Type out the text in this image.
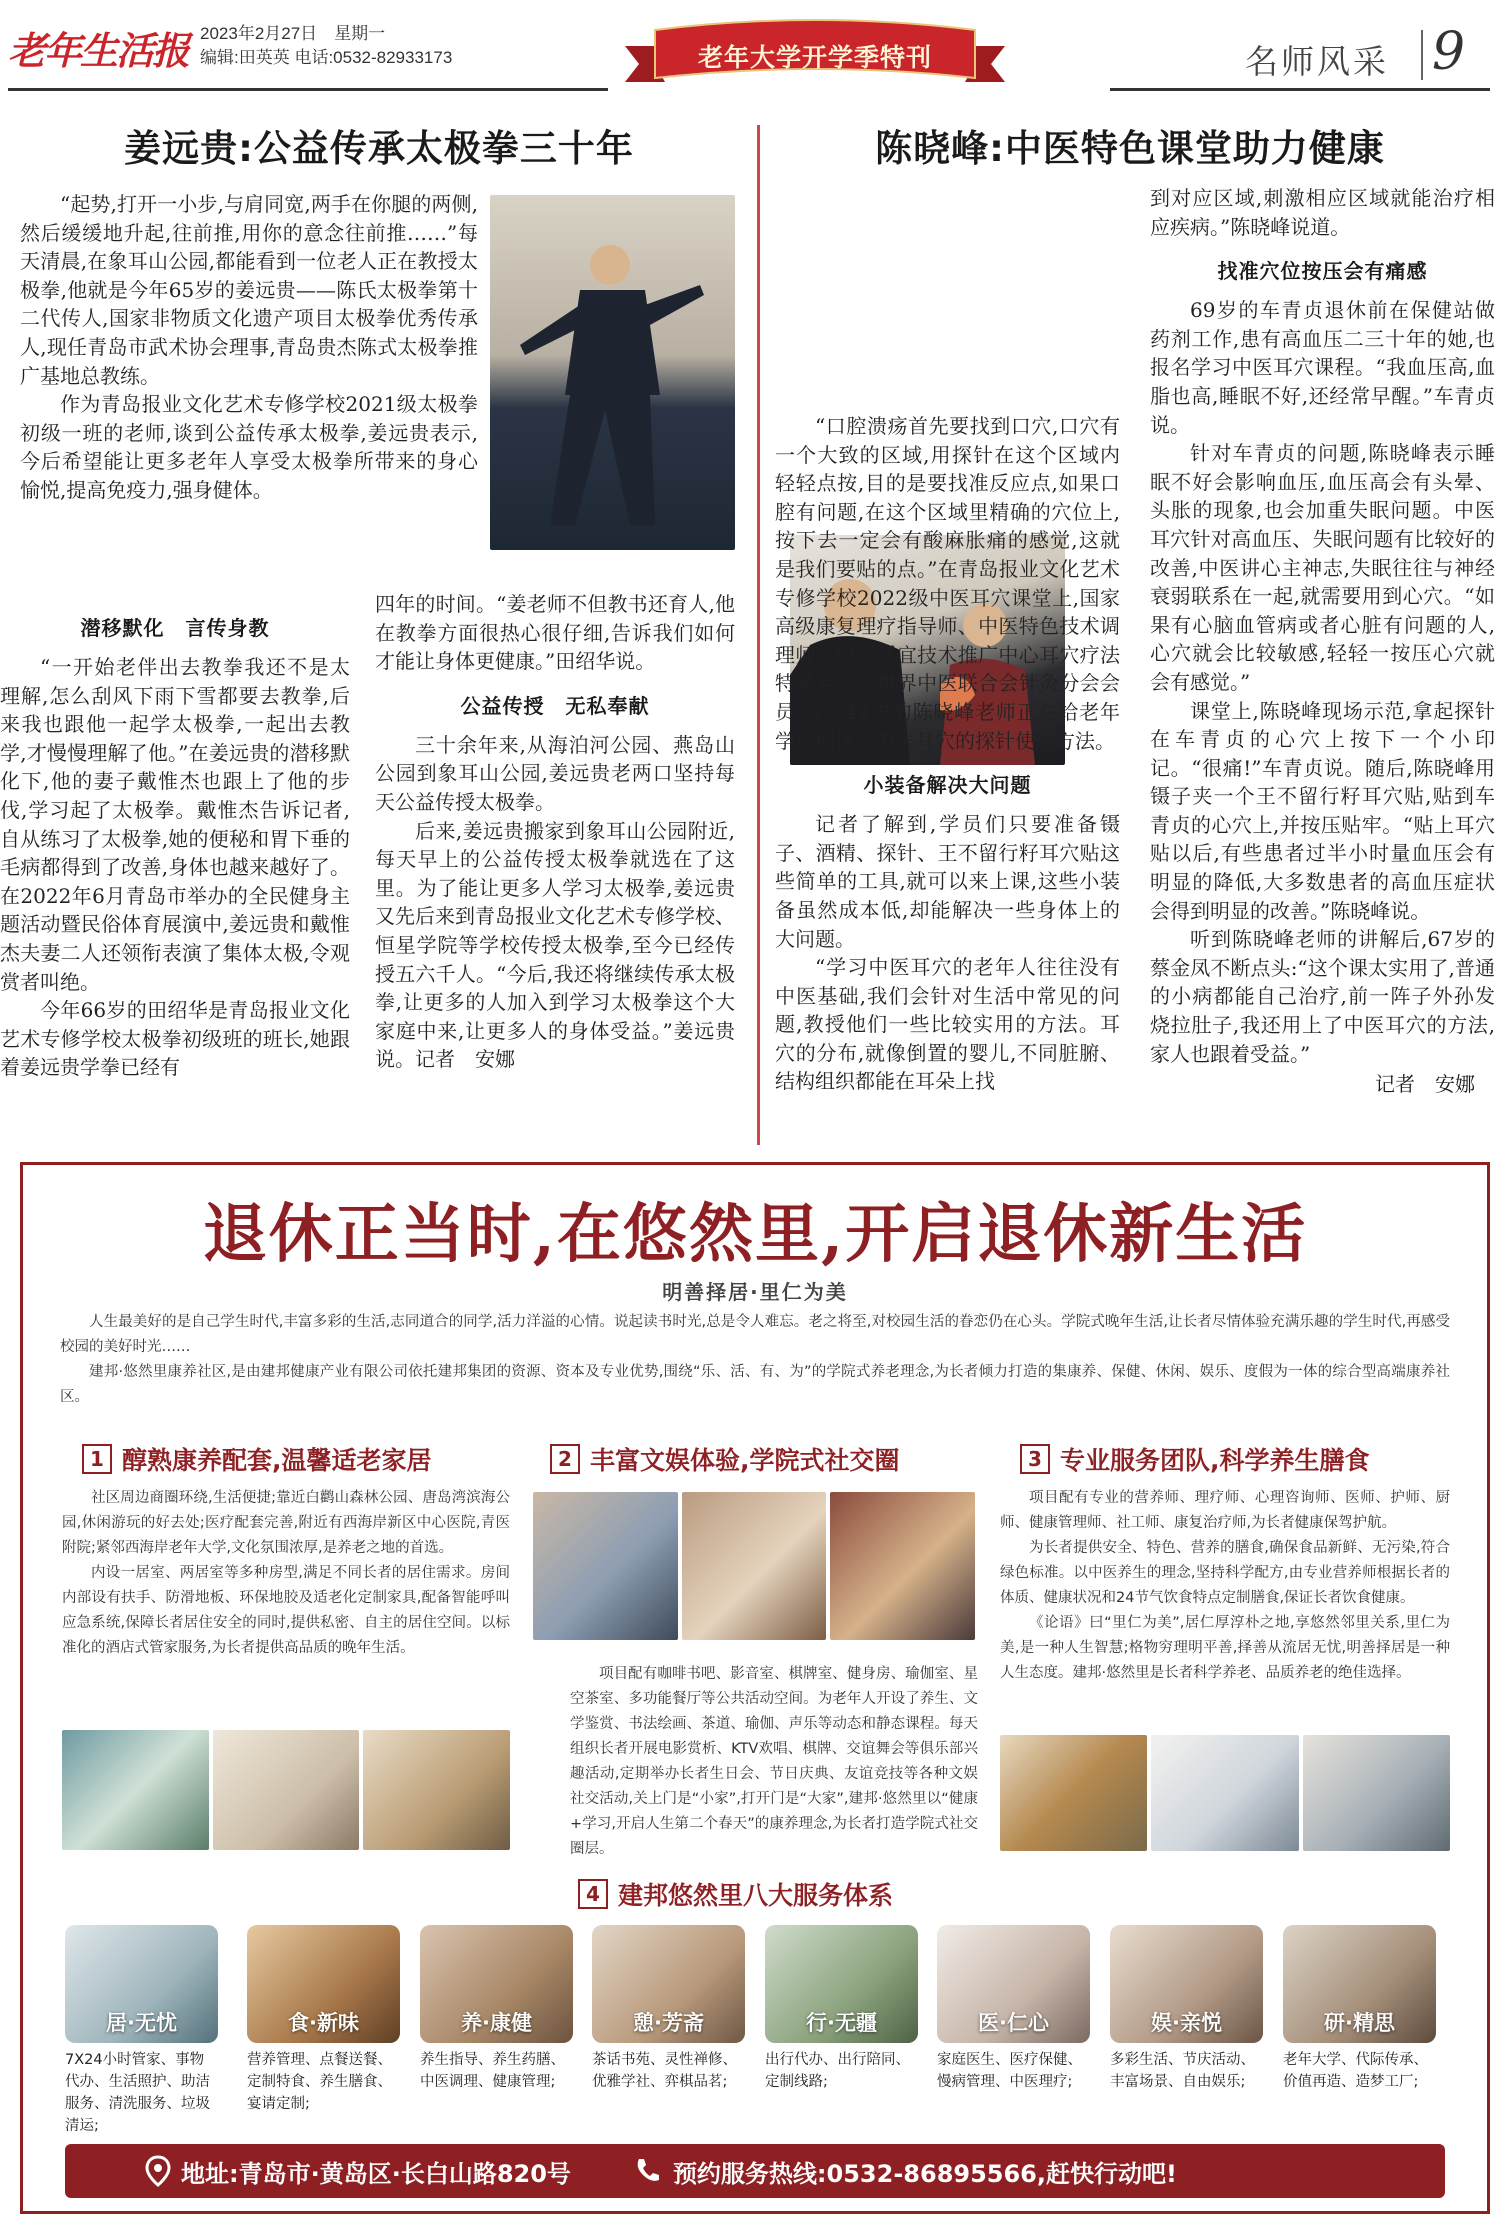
老年生活报 2023年2月27日　 星期一
编辑:田英英 电话:0532-82933173	老年大学开学季特刊	名师风采 9
姜远贵:公益传承太极拳三十年

“起势,打开一小步,与肩同宽,两手在你腿的两侧,然后缓缓地升起,往前推,用你的意念往前推……”每天清晨,在象耳山公园,都能看到一位老人正在教授太极拳,他就是今年65岁的姜远贵——陈氏太极拳第十二代传人,国家非物质文化遗产项目太极拳优秀传承人,现任青岛市武术协会理事,青岛贵杰陈式太极拳推广基地总教练。

作为青岛报业文化艺术专修学校2021级太极拳初级一班的老师,谈到公益传承太极拳,姜远贵表示,今后希望能让更多老年人享受太极拳所带来的身心愉悦,提高免疫力,强身健体。

潜移默化　言传身教

“一开始老伴出去教拳我还不是太理解,怎么刮风下雨下雪都要去教拳,后来我也跟他一起学太极拳,一起出去教学,才慢慢理解了他。”在姜远贵的潜移默化下,他的妻子戴惟杰也跟上了他的步伐,学习起了太极拳。戴惟杰告诉记者,自从练习了太极拳,她的便秘和胃下垂的毛病都得到了改善,身体也越来越好了。在2022年6月青岛市举办的全民健身主题活动暨民俗体育展演中,姜远贵和戴惟杰夫妻二人还领衔表演了集体太极,令观赏者叫绝。

今年66岁的田绍华是青岛报业文化艺术专修学校太极拳初级班的班长,她跟着姜远贵学拳已经有

四年的时间。“姜老师不但教书还育人,他在教拳方面很热心很仔细,告诉我们如何才能让身体更健康。”田绍华说。

公益传授　无私奉献

三十余年来,从海泊河公园、燕岛山公园到象耳山公园,姜远贵老两口坚持每天公益传授太极拳。

后来,姜远贵搬家到象耳山公园附近,每天早上的公益传授太极拳就选在了这里。为了能让更多人学习太极拳,姜远贵又先后来到青岛报业文化艺术专修学校、恒星学院等学校传授太极拳,至今已经传授五六千人。“今后,我还将继续传承太极拳,让更多的人加入到学习太极拳这个大家庭中来,让更多人的身体受益。”姜远贵说。记者　安娜

陈晓峰:中医特色课堂助力健康

“口腔溃疡首先要找到口穴,口穴有一个大致的区域,用探针在这个区域内轻轻点按,目的是要找准反应点,如果口腔有问题,在这个区域里精确的穴位上,按下去一定会有酸麻胀痛的感觉,这就是我们要贴的点。”在青岛报业文化艺术专修学校2022级中医耳穴课堂上,国家高级康复理疗指导师、中医特色技术调理师、中医适宜技术推广中心耳穴疗法特聘专家、世界中医联合会针灸分会会员,今年42岁的陈晓峰老师正在给老年学员们讲授中医耳穴的探针使用方法。

小装备解决大问题

记者了解到,学员们只要准备镊子、酒精、探针、王不留行籽耳穴贴这些简单的工具,就可以来上课,这些小装备虽然成本低,却能解决一些身体上的大问题。

“学习中医耳穴的老年人往往没有中医基础,我们会针对生活中常见的问题,教授他们一些比较实用的方法。耳穴的分布,就像倒置的婴儿,不同脏腑、结构组织都能在耳朵上找

到对应区域,刺激相应区域就能治疗相应疾病。”陈晓峰说道。

找准穴位按压会有痛感

69岁的车青贞退休前在保健站做药剂工作,患有高血压二三十年的她,也报名学习中医耳穴课程。“我血压高,血脂也高,睡眠不好,还经常早醒。”车青贞说。

针对车青贞的问题,陈晓峰表示睡眠不好会影响血压,血压高会有头晕、头胀的现象,也会加重失眠问题。中医耳穴针对高血压、失眠问题有比较好的改善,中医讲心主神志,失眠往往与神经衰弱联系在一起,就需要用到心穴。“如果有心脑血管病或者心脏有问题的人,心穴就会比较敏感,轻轻一按压心穴就会有感觉。”

课堂上,陈晓峰现场示范,拿起探针在车青贞的心穴上按下一个小印记。“很痛!”车青贞说。随后,陈晓峰用镊子夹一个王不留行籽耳穴贴,贴到车青贞的心穴上,并按压贴牢。“贴上耳穴贴以后,有些患者过半小时量血压会有明显的降低,大多数患者的高血压症状会得到明显的改善。”陈晓峰说。

听到陈晓峰老师的讲解后,67岁的蔡金凤不断点头:“这个课太实用了,普通的小病都能自己治疗,前一阵子外孙发烧拉肚子,我还用上了中医耳穴的方法,家人也跟着受益。”

记者　安娜
退休正当时,在悠然里,开启退休新生活
明善择居·里仁为美

人生最美好的是自己学生时代,丰富多彩的生活,志同道合的同学,活力洋溢的心情。说起读书时光,总是令人难忘。老之将至,对校园生活的眷恋仍在心头。学院式晚年生活,让长者尽情体验充满乐趣的学生时代,再感受校园的美好时光……

建邦·悠然里康养社区,是由建邦健康产业有限公司依托建邦集团的资源、资本及专业优势,围绕“乐、活、有、为”的学院式养老理念,为长者倾力打造的集康养、保健、休闲、娱乐、度假为一体的综合型高端康养社区。

1 醇熟康养配套,温馨适老家居

社区周边商圈环绕,生活便捷;靠近白鹳山森林公园、唐岛湾滨海公园,休闲游玩的好去处;医疗配套完善,附近有西海岸新区中心医院,青医附院;紧邻西海岸老年大学,文化氛围浓厚,是养老之地的首选。

内设一居室、两居室等多种房型,满足不同长者的居住需求。房间内部设有扶手、防滑地板、环保地胶及适老化定制家具,配备智能呼叫应急系统,保障长者居住安全的同时,提供私密、自主的居住空间。以标准化的酒店式管家服务,为长者提供高品质的晚年生活。

2 丰富文娱体验,学院式社交圈

项目配有咖啡书吧、影音室、棋牌室、健身房、瑜伽室、星空茶室、多功能餐厅等公共活动空间。为老年人开设了养生、文学鉴赏、书法绘画、茶道、瑜伽、声乐等动态和静态课程。每天组织长者开展电影赏析、KTV欢唱、棋牌、交谊舞会等俱乐部兴趣活动,定期举办长者生日会、节日庆典、友谊竞技等各种文娱社交活动,关上门是“小家”,打开门是“大家”,建邦·悠然里以“健康+学习,开启人生第二个春天”的康养理念,为长者打造学院式社交圈层。

3 专业服务团队,科学养生膳食

项目配有专业的营养师、理疗师、心理咨询师、医师、护师、厨师、健康管理师、社工师、康复治疗师,为长者健康保驾护航。

为长者提供安全、特色、营养的膳食,确保食品新鲜、无污染,符合绿色标准。以中医养生的理念,坚持科学配方,由专业营养师根据长者的体质、健康状况和24节气饮食特点定制膳食,保证长者饮食健康。

《论语》曰“里仁为美”,居仁厚淳朴之地,享悠然邻里关系,里仁为美,是一种人生智慧;格物穷理明平善,择善从流居无忧,明善择居是一种人生态度。建邦·悠然里是长者科学养老、品质养老的绝佳选择。

4 建邦悠然里八大服务体系
居·无忧
7X24小时管家、事物代办、生活照护、助洁服务、清洗服务、垃圾清运;
食·新味
营养管理、点餐送餐、定制特食、养生膳食、宴请定制;
养·康健
养生指导、养生药膳、中医调理、健康管理;
憩·芳斋
茶话书苑、灵性禅修、优雅学社、弈棋品茗;
行·无疆
出行代办、出行陪同、定制线路;
医·仁心
家庭医生、医疗保健、慢病管理、中医理疗;
娱·亲悦
多彩生活、节庆活动、丰富场景、自由娱乐;
研·精思
老年大学、代际传承、价值再造、造梦工厂;
地址:青岛市·黄岛区·长白山路820号	预约服务热线:0532-86895566,赶快行动吧!
